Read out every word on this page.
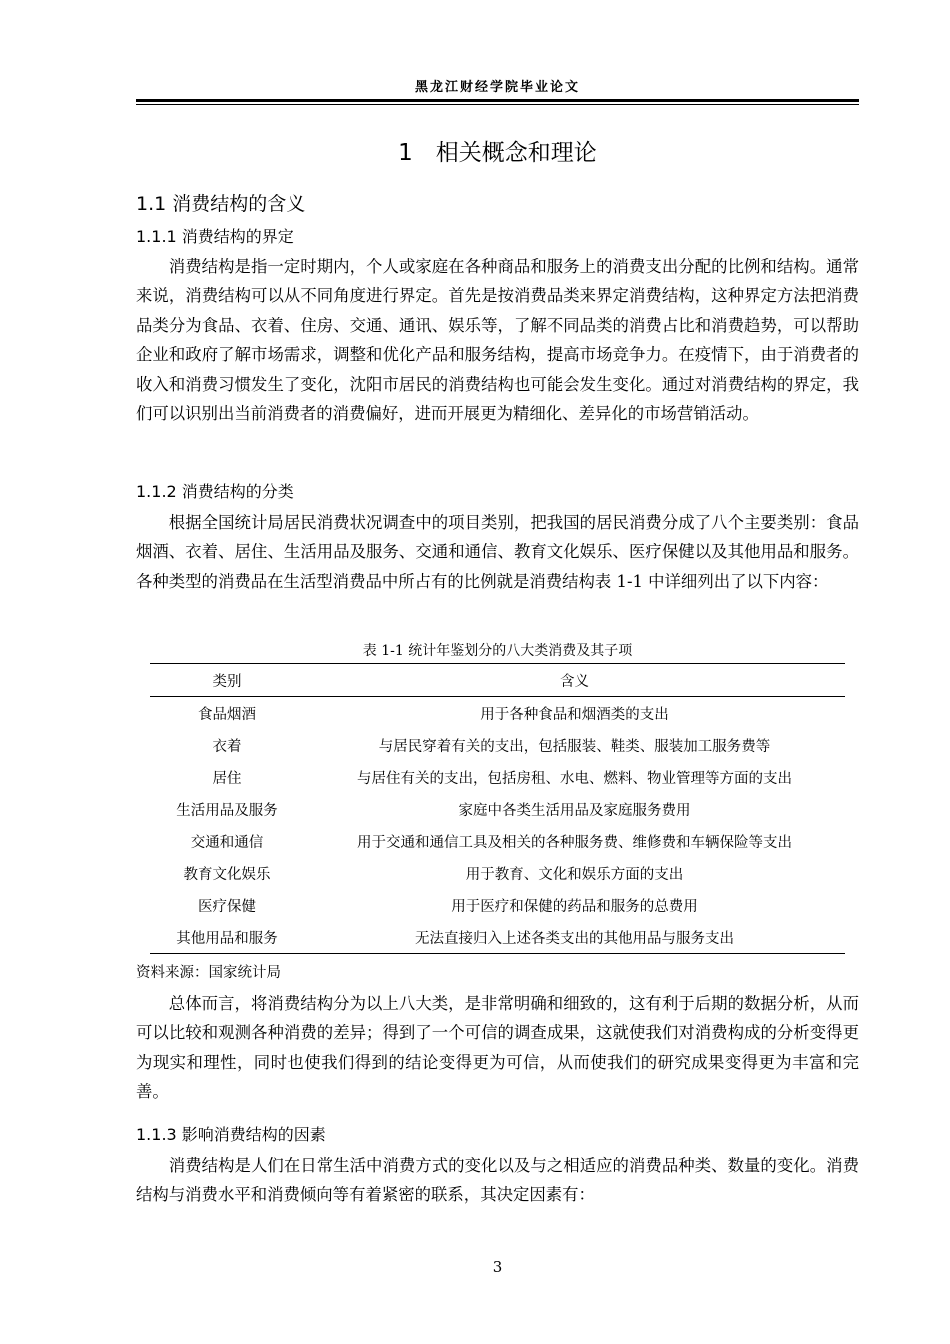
黑龙江财经学院毕业论文
1　相关概念和理论
1.1 消费结构的含义
1.1.1 消费结构的界定
消费结构是指一定时期内，个人或家庭在各种商品和服务上的消费支出分配的比例和结构。通常来说，消费结构可以从不同角度进行界定。首先是按消费品类来界定消费结构，这种界定方法把消费品类分为食品、衣着、住房、交通、通讯、娱乐等，了解不同品类的消费占比和消费趋势，可以帮助企业和政府了解市场需求，调整和优化产品和服务结构，提高市场竞争力。在疫情下，由于消费者的收入和消费习惯发生了变化，沈阳市居民的消费结构也可能会发生变化。通过对消费结构的界定，我们可以识别出当前消费者的消费偏好，进而开展更为精细化、差异化的市场营销活动。
1.1.2 消费结构的分类
根据全国统计局居民消费状况调查中的项目类别，把我国的居民消费分成了八个主要类别：食品烟酒、衣着、居住、生活用品及服务、交通和通信、教育文化娱乐、医疗保健以及其他用品和服务。各种类型的消费品在生活型消费品中所占有的比例就是消费结构表 1-1 中详细列出了以下内容：
表 1-1 统计年鉴划分的八大类消费及其子项
类别	含义
食品烟酒	用于各种食品和烟酒类的支出
衣着	与居民穿着有关的支出，包括服装、鞋类、服装加工服务费等
居住	与居住有关的支出，包括房租、水电、燃料、物业管理等方面的支出
生活用品及服务	家庭中各类生活用品及家庭服务费用
交通和通信	用于交通和通信工具及相关的各种服务费、维修费和车辆保险等支出
教育文化娱乐	用于教育、文化和娱乐方面的支出
医疗保健	用于医疗和保健的药品和服务的总费用
其他用品和服务	无法直接归入上述各类支出的其他用品与服务支出
资料来源：国家统计局
总体而言，将消费结构分为以上八大类，是非常明确和细致的，这有利于后期的数据分析，从而可以比较和观测各种消费的差异；得到了一个可信的调查成果，这就使我们对消费构成的分析变得更为现实和理性，同时也使我们得到的结论变得更为可信，从而使我们的研究成果变得更为丰富和完善。
1.1.3 影响消费结构的因素
消费结构是人们在日常生活中消费方式的变化以及与之相适应的消费品种类、数量的变化。消费结构与消费水平和消费倾向等有着紧密的联系，其决定因素有：
3
